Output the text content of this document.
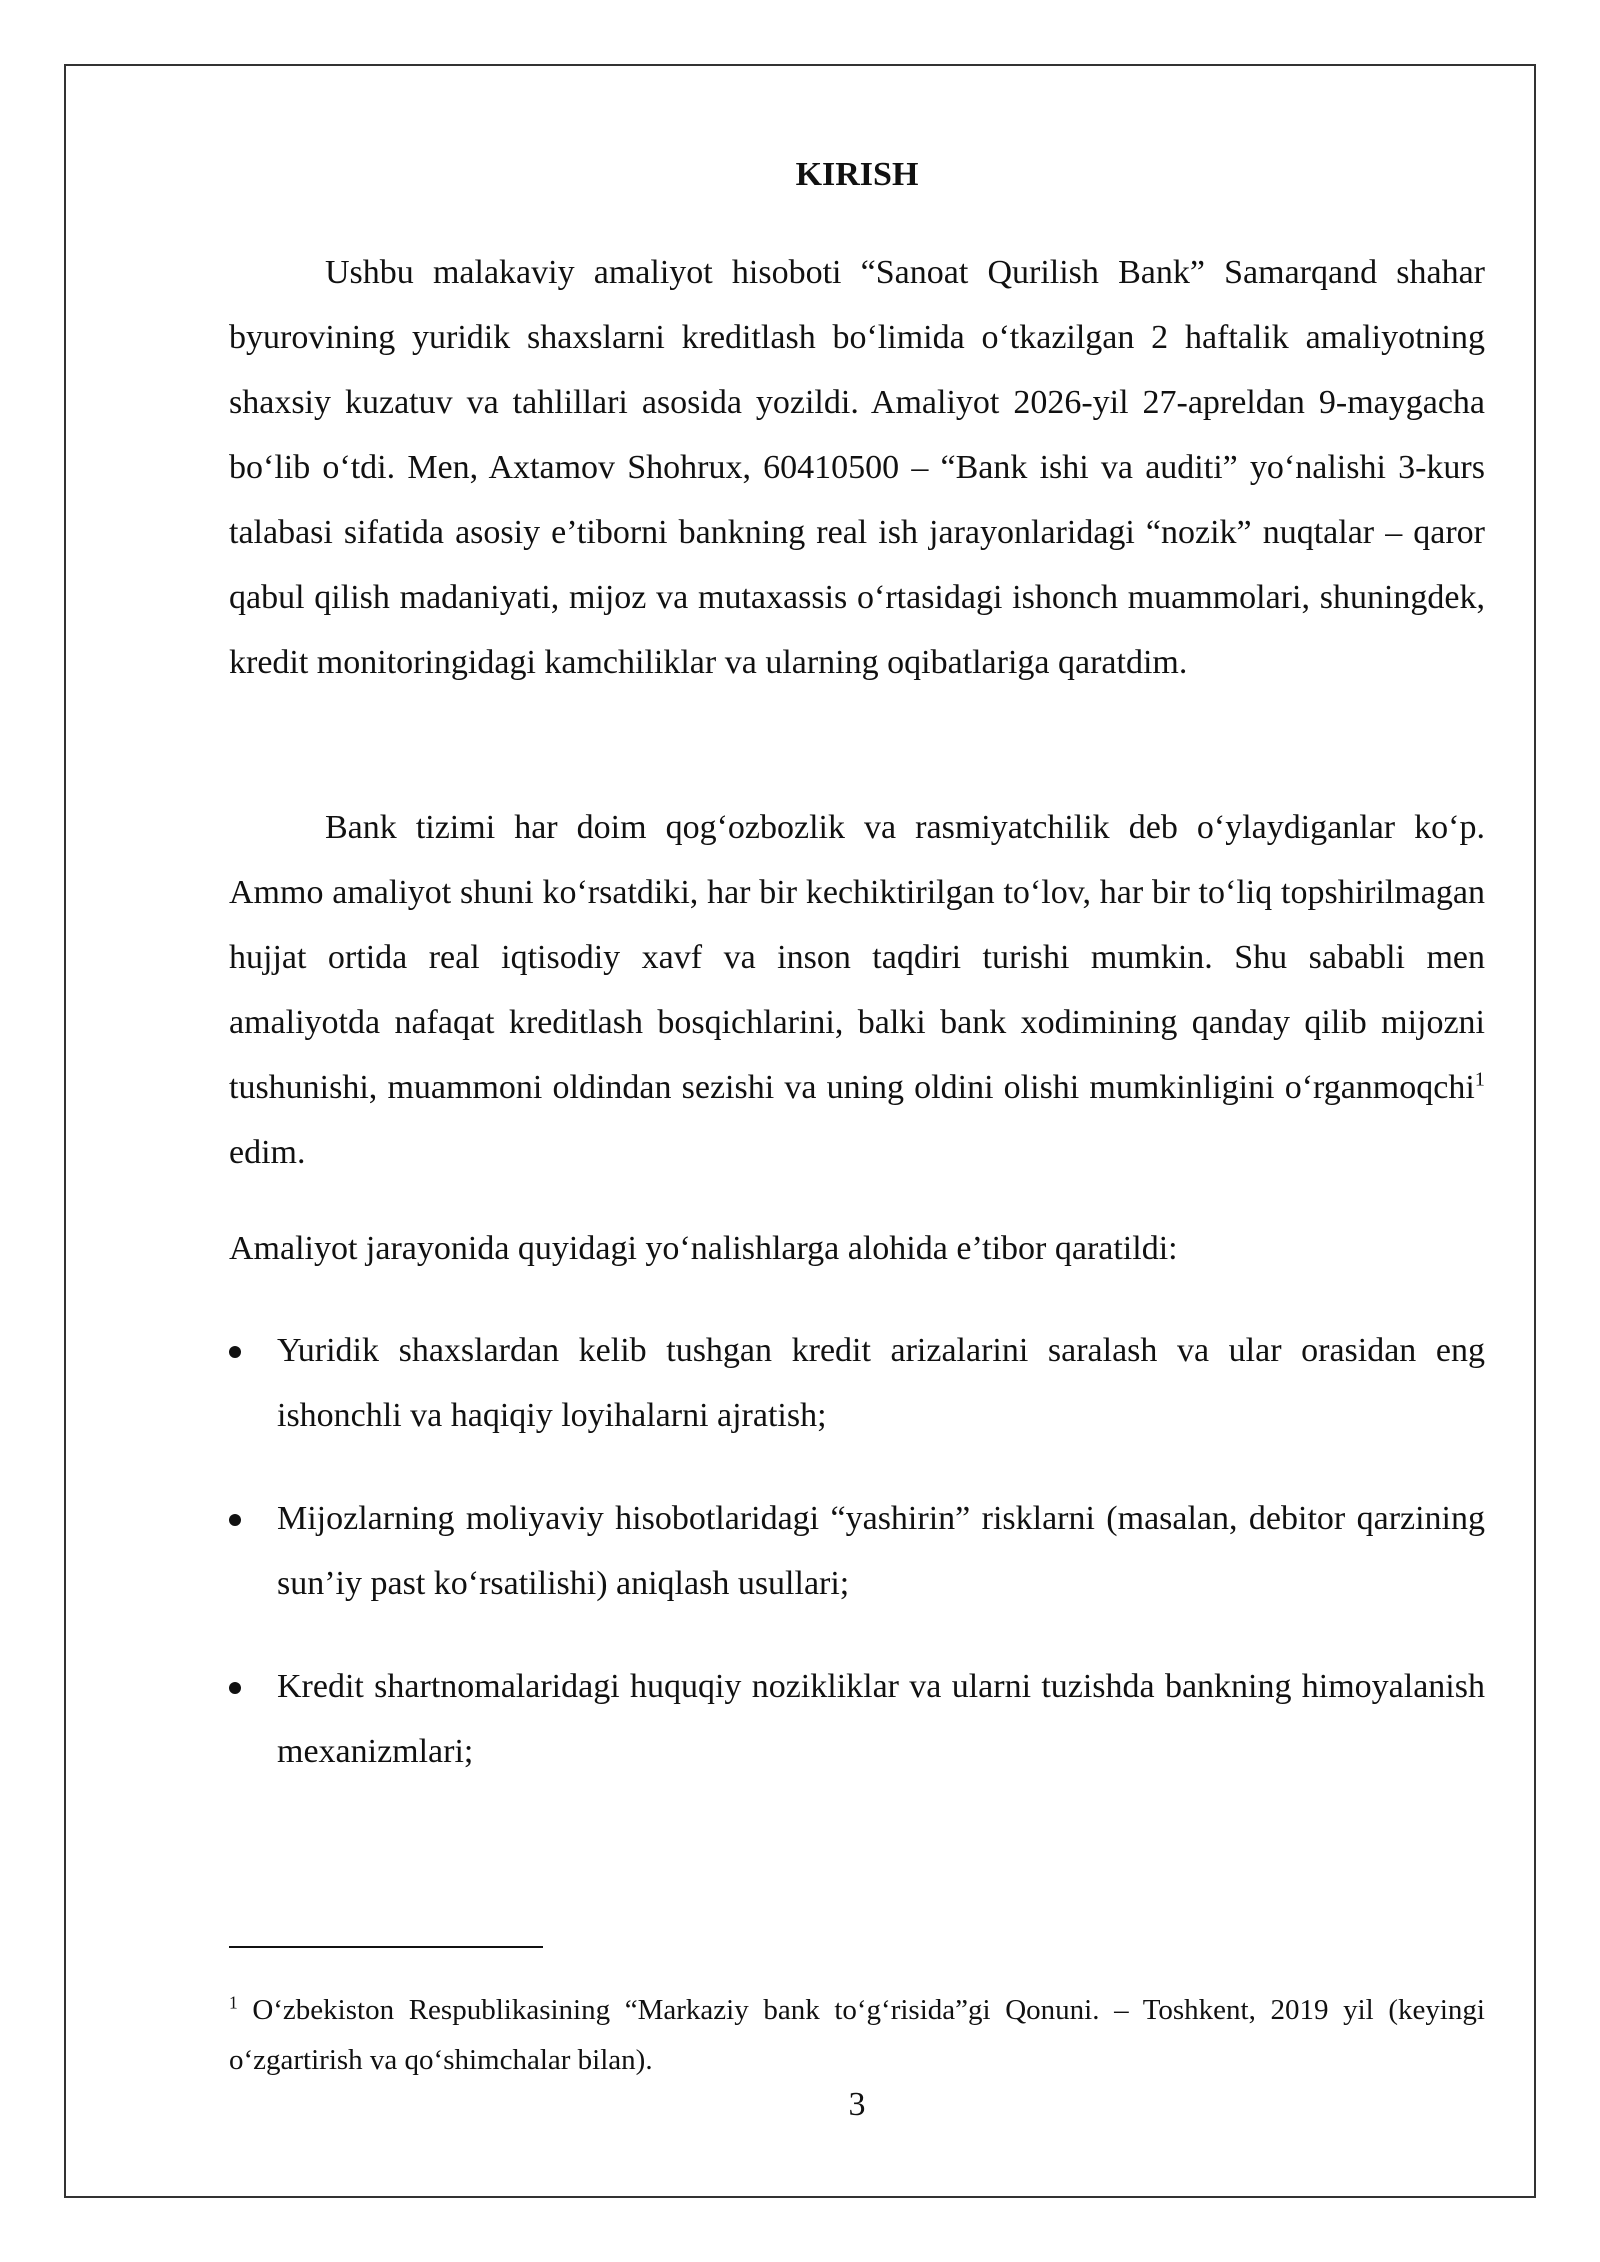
KIRISH

Ushbu malakaviy amaliyot hisoboti “Sanoat Qurilish Bank” Samarqand shahar byurovining yuridik shaxslarni kreditlash boʻlimida oʻtkazilgan 2 haftalik amaliyotning shaxsiy kuzatuv va tahlillari asosida yozildi. Amaliyot 2026-yil 27-apreldan 9-maygacha boʻlib oʻtdi. Men, Axtamov Shohrux, 60410500 – “Bank ishi va auditi” yoʻnalishi 3-kurs talabasi sifatida asosiy e’tiborni bankning real ish jarayonlaridagi “nozik” nuqtalar – qaror qabul qilish madaniyati, mijoz va mutaxassis oʻrtasidagi ishonch muammolari, shuningdek, kredit monitoringidagi kamchiliklar va ularning oqibatlariga qaratdim.

Bank tizimi har doim qogʻozbozlik va rasmiyatchilik deb oʻylaydiganlar koʻp. Ammo amaliyot shuni koʻrsatdiki, har bir kechiktirilgan toʻlov, har bir toʻliq topshirilmagan hujjat ortida real iqtisodiy xavf va inson taqdiri turishi mumkin. Shu sababli men amaliyotda nafaqat kreditlash bosqichlarini, balki bank xodimining qanday qilib mijozni tushunishi, muammoni oldindan sezishi va uning oldini olishi mumkinligini oʻrganmoqchi$^1$ edim.

Amaliyot jarayonida quyidagi yoʻnalishlarga alohida e’tibor qaratildi:

Yuridik shaxslardan kelib tushgan kredit arizalarini saralash va ular orasidan eng ishonchli va haqiqiy loyihalarni ajratish;

Mijozlarning moliyaviy hisobotlaridagi “yashirin” risklarni (masalan, debitor qarzining sun’iy past koʻrsatilishi) aniqlash usullari;

Kredit shartnomalaridagi huquqiy nozikliklar va ularni tuzishda bankning himoyalanish mexanizmlari;

$^1$ Oʻzbekiston Respublikasining “Markaziy bank toʻgʻrisida”gi Qonuni. – Toshkent, 2019 yil (keyingi oʻzgartirish va qoʻshimchalar bilan).

3
